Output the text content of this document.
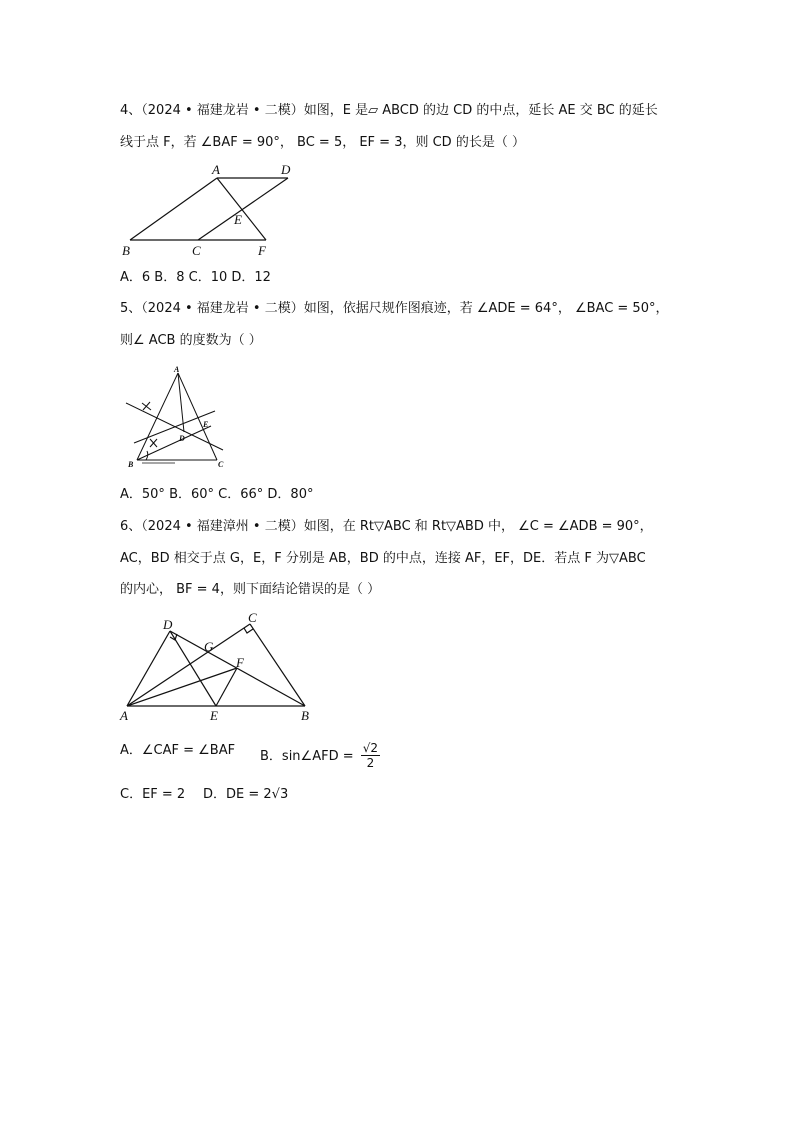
4、（2024 • 福建龙岩 • 二模）如图，E 是▱ ABCD 的边 CD 的中点，延长 AE 交 BC 的延长
线于点 F，若 ∠BAF = 90°， BC = 5， EF = 3，则 CD 的长是（ ）
A	D
E
B	C	F
A．6 B．8 C．10 D．12
5、（2024 • 福建龙岩 • 二模）如图，依据尺规作图痕迹，若 ∠ADE = 64°， ∠BAC = 50°，
则∠ ACB 的度数为（ ）
A
B	C
D
E
A．50° B．60° C．66° D．80°
6、（2024 • 福建漳州 • 二模）如图，在 Rt▽ABC 和 Rt▽ABD 中， ∠C = ∠ADB = 90°，
AC，BD 相交于点 G，E，F 分别是 AB，BD 的中点，连接 AF，EF，DE．若点 F 为▽ABC
的内心， BF = 4，则下面结论错误的是（ ）
D	C
G
F
A	E	B
A．∠CAF = ∠BAF B．sin∠AFD = $\frac{√2}{2}$
C．EF = 2 D．DE = 2√3
